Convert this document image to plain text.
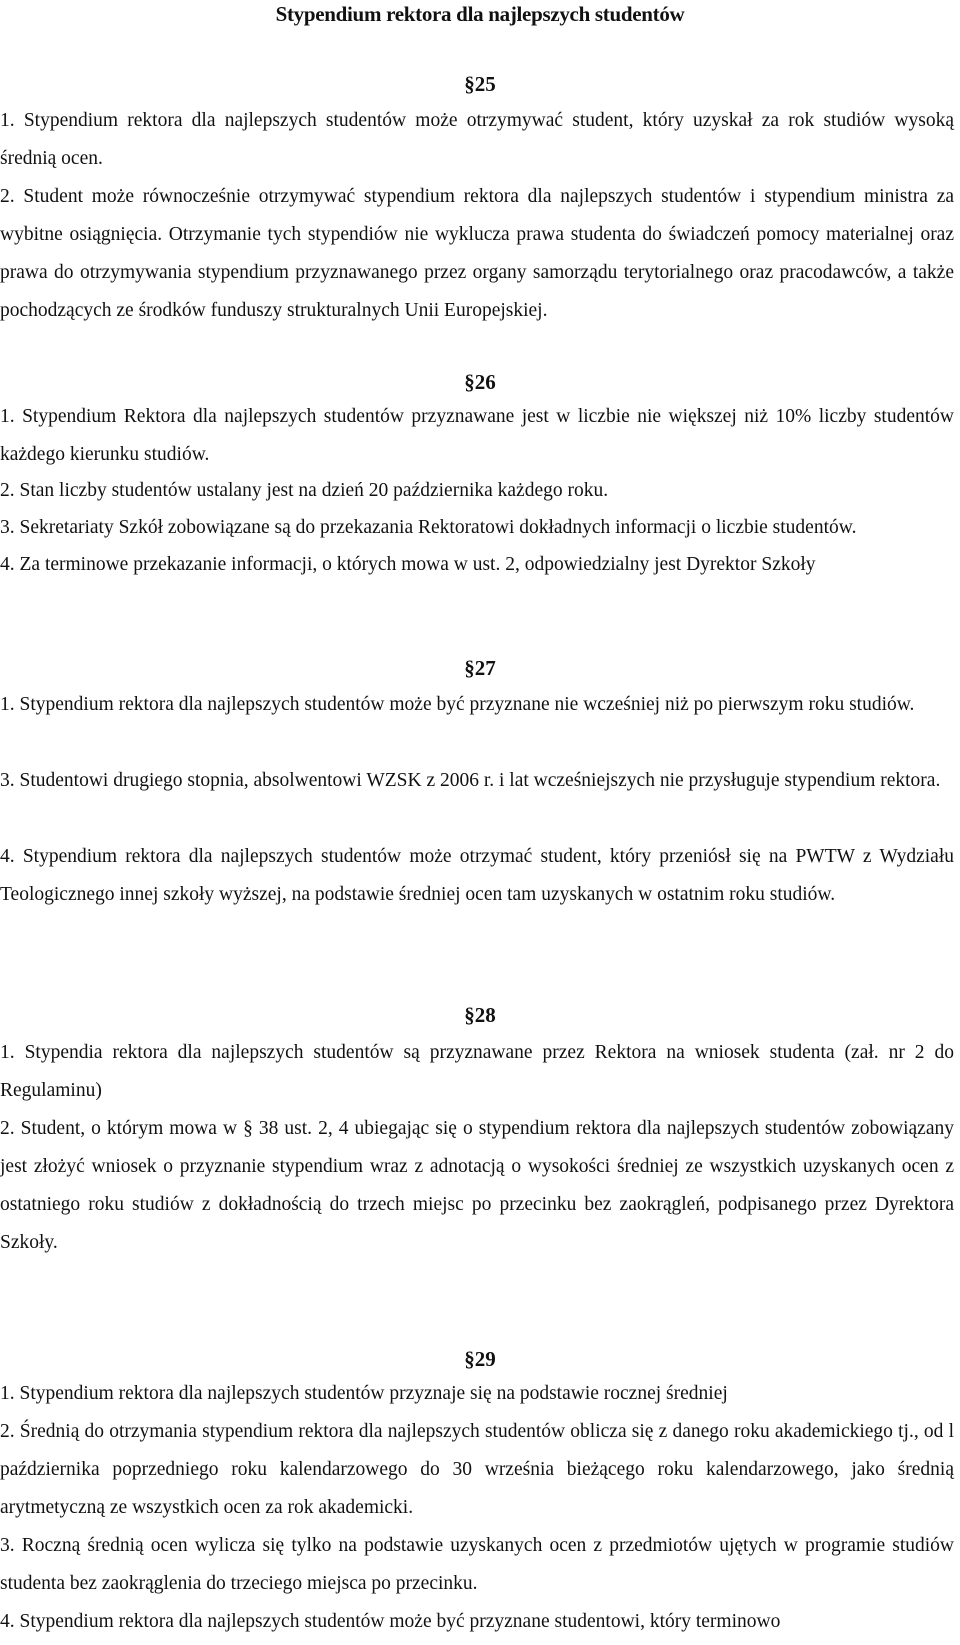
Stypendium rektora dla najlepszych studentów
§25

1. Stypendium rektora dla najlepszych studentów może otrzymywać student, który uzyskał za rok studiów wysoką średnią ocen.

2. Student może równocześnie otrzymywać stypendium rektora dla najlepszych studentów i stypendium ministra za wybitne osiągnięcia. Otrzymanie tych stypendiów nie wyklucza prawa studenta do świadczeń pomocy materialnej oraz prawa do otrzymywania stypendium przyznawanego przez organy samorządu terytorialnego oraz pracodawców, a także pochodzących ze środków funduszy strukturalnych Unii Europejskiej.

§26

1. Stypendium Rektora dla najlepszych studentów przyznawane jest w liczbie nie większej niż 10% liczby studentów każdego kierunku studiów.

2. Stan liczby studentów ustalany jest na dzień 20 października każdego roku.

3. Sekretariaty Szkół zobowiązane są do przekazania Rektoratowi dokładnych informacji o liczbie studentów.

4. Za terminowe przekazanie informacji, o których mowa w ust. 2, odpowiedzialny jest Dyrektor Szkoły

§27

1. Stypendium rektora dla najlepszych studentów może być przyznane nie wcześniej niż po pierwszym roku studiów.

3. Studentowi drugiego stopnia, absolwentowi WZSK z 2006 r. i lat wcześniejszych nie przysługuje stypendium rektora.

4. Stypendium rektora dla najlepszych studentów może otrzymać student, który przeniósł się na PWTW z Wydziału Teologicznego innej szkoły wyższej, na podstawie średniej ocen tam uzyskanych w ostatnim roku studiów.

§28

1. Stypendia rektora dla najlepszych studentów są przyznawane przez Rektora na wniosek studenta (zał. nr 2 do Regulaminu)

2. Student, o którym mowa w § 38 ust. 2, 4 ubiegając się o stypendium rektora dla najlepszych studentów zobowiązany jest złożyć wniosek o przyznanie stypendium wraz z adnotacją o wysokości średniej ze wszystkich uzyskanych ocen z ostatniego roku studiów z dokładnością do trzech miejsc po przecinku bez zaokrągleń, podpisanego przez Dyrektora Szkoły.

§29

1. Stypendium rektora dla najlepszych studentów przyznaje się na podstawie rocznej średniej

2. Średnią do otrzymania stypendium rektora dla najlepszych studentów oblicza się z danego roku akademickiego tj., od l października poprzedniego roku kalendarzowego do 30 września bieżącego roku kalendarzowego, jako średnią arytmetyczną ze wszystkich ocen za rok akademicki.

3. Roczną średnią ocen wylicza się tylko na podstawie uzyskanych ocen z przedmiotów ujętych w programie studiów studenta bez zaokrąglenia do trzeciego miejsca po przecinku.

4. Stypendium rektora dla najlepszych studentów może być przyznane studentowi, który terminowo
